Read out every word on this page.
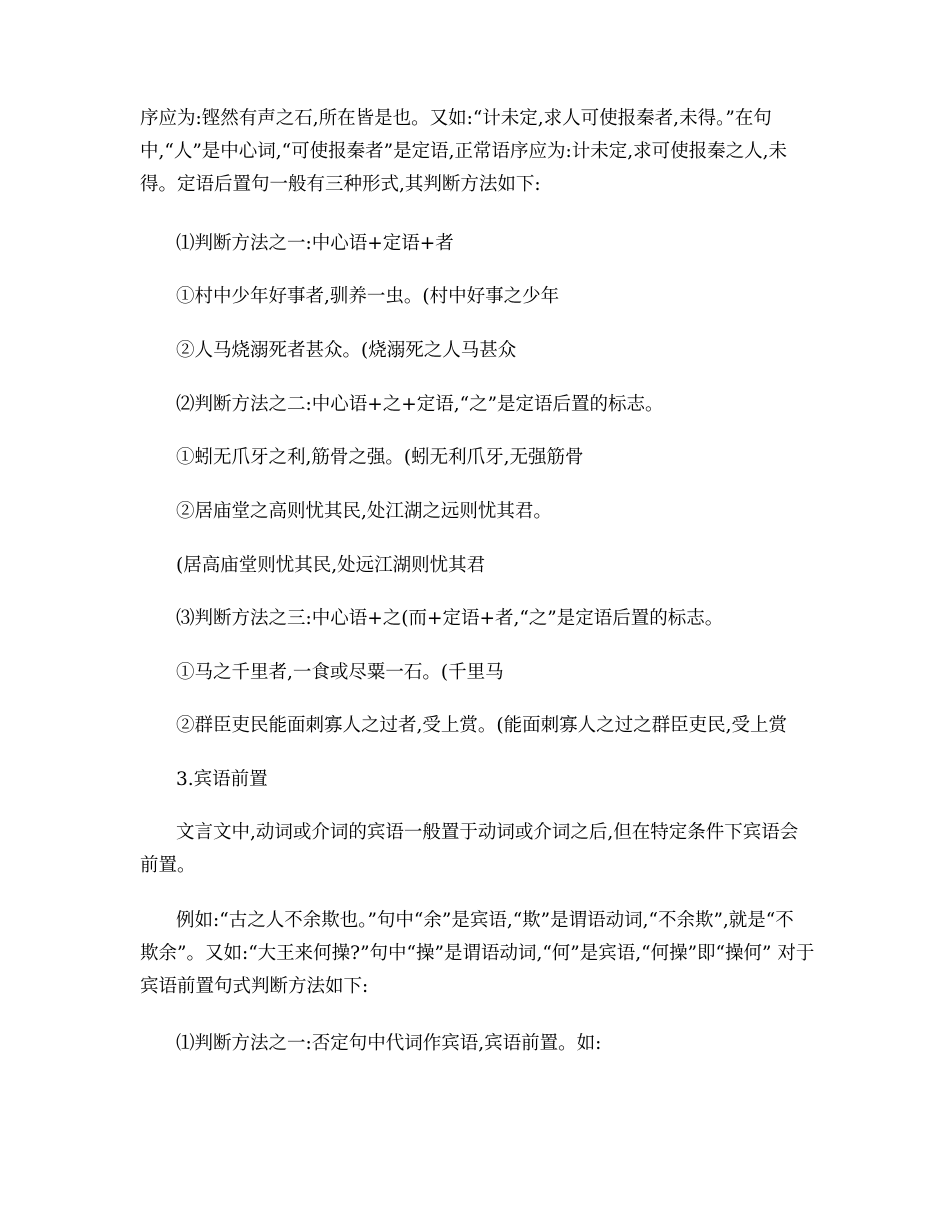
序应为:铿然有声之石,所在皆是也。又如:“计未定,求人可使报秦者,未得。”在句
中,“人”是中心词,“可使报秦者”是定语,正常语序应为:计未定,求可使报秦之人,未
得。定语后置句一般有三种形式,其判断方法如下:
⑴判断方法之一:中心语+定语+者
①村中少年好事者,驯养一虫。(村中好事之少年
②人马烧溺死者甚众。(烧溺死之人马甚众
⑵判断方法之二:中心语+之+定语,“之”是定语后置的标志。
①蚓无爪牙之利,筋骨之强。(蚓无利爪牙,无强筋骨
②居庙堂之高则忧其民,处江湖之远则忧其君。
(居高庙堂则忧其民,处远江湖则忧其君
⑶判断方法之三:中心语+之(而+定语+者,“之”是定语后置的标志。
①马之千里者,一食或尽粟一石。(千里马
②群臣吏民能面刺寡人之过者,受上赏。(能面刺寡人之过之群臣吏民,受上赏
3.宾语前置
文言文中,动词或介词的宾语一般置于动词或介词之后,但在特定条件下宾语会
前置。
例如:“古之人不余欺也。”句中“余”是宾语,“欺”是谓语动词,“不余欺”,就是“不
欺余”。又如:“大王来何操?”句中“操”是谓语动词,“何”是宾语,“何操”即“操何” 对于
宾语前置句式判断方法如下:
⑴判断方法之一:否定句中代词作宾语,宾语前置。如:
